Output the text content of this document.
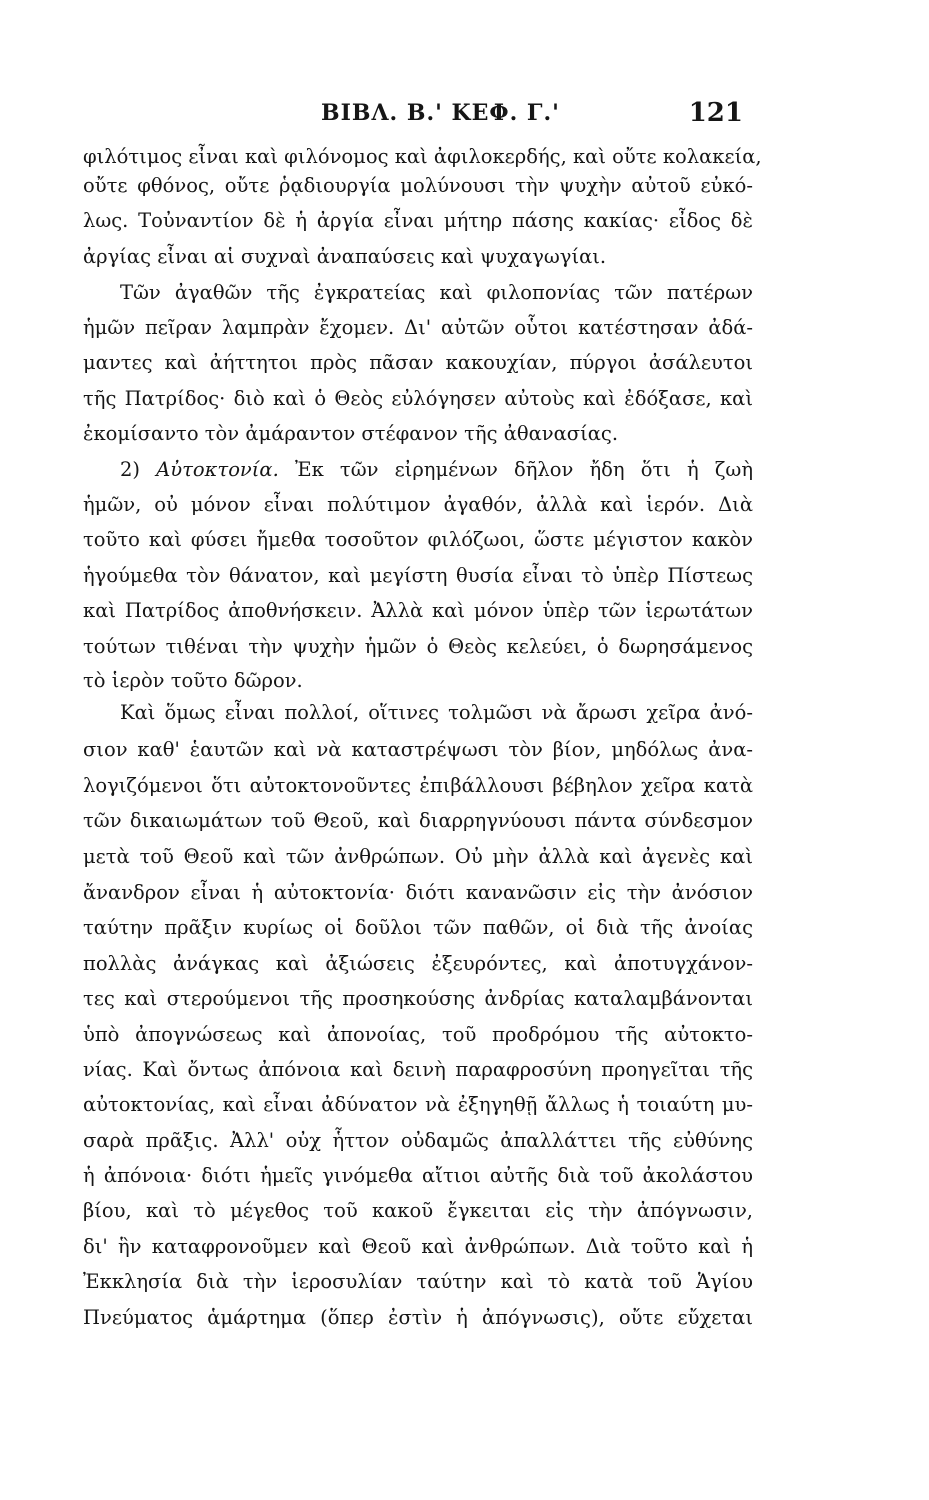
ΒΙΒΛ. Β.' ΚΕΦ. Γ.'	121
φιλότιμος εἶναι καὶ φιλόνομος καὶ ἀφιλοκερδής, καὶ οὔτε κολακεία,
οὔτε φθόνος, οὔτε ῥᾳδιουργία μολύνουσι τὴν ψυχὴν αὐτοῦ εὐκό-
λως. Τοὐναντίον δὲ ἡ ἀργία εἶναι μήτηρ πάσης κακίας· εἶδος δὲ
ἀργίας εἶναι αἱ συχναὶ ἀναπαύσεις καὶ ψυχαγωγίαι.
Τῶν ἀγαθῶν τῆς ἐγκρατείας καὶ φιλοπονίας τῶν πατέρων
ἡμῶν πεῖραν λαμπρὰν ἔχομεν. Δι' αὐτῶν οὗτοι κατέστησαν ἀδά-
μαντες καὶ ἀήττητοι πρὸς πᾶσαν κακουχίαν, πύργοι ἀσάλευτοι
τῆς Πατρίδος· διὸ καὶ ὁ Θεὸς εὐλόγησεν αὐτοὺς καὶ ἐδόξασε, καὶ
ἐκομίσαντο τὸν ἀμάραντον στέφανον τῆς ἀθανασίας.
2) Αὐτοκτονία. Ἐκ τῶν εἰρημένων δῆλον ἤδη ὅτι ἡ ζωὴ
ἡμῶν, οὐ μόνον εἶναι πολύτιμον ἀγαθόν, ἀλλὰ καὶ ἱερόν. Διὰ
τοῦτο καὶ φύσει ἤμεθα τοσοῦτον φιλόζωοι, ὥστε μέγιστον κακὸν
ἡγούμεθα τὸν θάνατον, καὶ μεγίστη θυσία εἶναι τὸ ὑπὲρ Πίστεως
καὶ Πατρίδος ἀποθνήσκειν. Ἀλλὰ καὶ μόνον ὑπὲρ τῶν ἱερωτάτων
τούτων τιθέναι τὴν ψυχὴν ἡμῶν ὁ Θεὸς κελεύει, ὁ δωρησάμενος
τὸ ἱερὸν τοῦτο δῶρον.
Καὶ ὅμως εἶναι πολλοί, οἵτινες τολμῶσι νὰ ἄρωσι χεῖρα ἀνό-
σιον καθ' ἑαυτῶν καὶ νὰ καταστρέψωσι τὸν βίον, μηδόλως ἀνα-
λογιζόμενοι ὅτι αὐτοκτονοῦντες ἐπιβάλλουσι βέβηλον χεῖρα κατὰ
τῶν δικαιωμάτων τοῦ Θεοῦ, καὶ διαρρηγνύουσι πάντα σύνδεσμον
μετὰ τοῦ Θεοῦ καὶ τῶν ἀνθρώπων. Οὐ μὴν ἀλλὰ καὶ ἀγενὲς καὶ
ἄνανδρον εἶναι ἡ αὐτοκτονία· διότι κανανῶσιν εἰς τὴν ἀνόσιον
ταύτην πρᾶξιν κυρίως οἱ δοῦλοι τῶν παθῶν, οἱ διὰ τῆς ἀνοίας
πολλὰς ἀνάγκας καὶ ἀξιώσεις ἐξευρόντες, καὶ ἀποτυγχάνον-
τες καὶ στερούμενοι τῆς προσηκούσης ἀνδρίας καταλαμβάνονται
ὑπὸ ἀπογνώσεως καὶ ἀπονοίας, τοῦ προδρόμου τῆς αὐτοκτο-
νίας. Καὶ ὄντως ἀπόνοια καὶ δεινὴ παραφροσύνη προηγεῖται τῆς
αὐτοκτονίας, καὶ εἶναι ἀδύνατον νὰ ἐξηγηθῇ ἄλλως ἡ τοιαύτη μυ-
σαρὰ πρᾶξις. Ἀλλ' οὐχ ἧττον οὐδαμῶς ἀπαλλάττει τῆς εὐθύνης
ἡ ἀπόνοια· διότι ἡμεῖς γινόμεθα αἴτιοι αὐτῆς διὰ τοῦ ἀκολάστου
βίου, καὶ τὸ μέγεθος τοῦ κακοῦ ἔγκειται εἰς τὴν ἀπόγνωσιν,
δι' ἣν καταφρονοῦμεν καὶ Θεοῦ καὶ ἀνθρώπων. Διὰ τοῦτο καὶ ἡ
Ἐκκλησία διὰ τὴν ἱεροσυλίαν ταύτην καὶ τὸ κατὰ τοῦ Ἁγίου
Πνεύματος ἁμάρτημα (ὅπερ ἐστὶν ἡ ἀπόγνωσις), οὔτε εὔχεται
